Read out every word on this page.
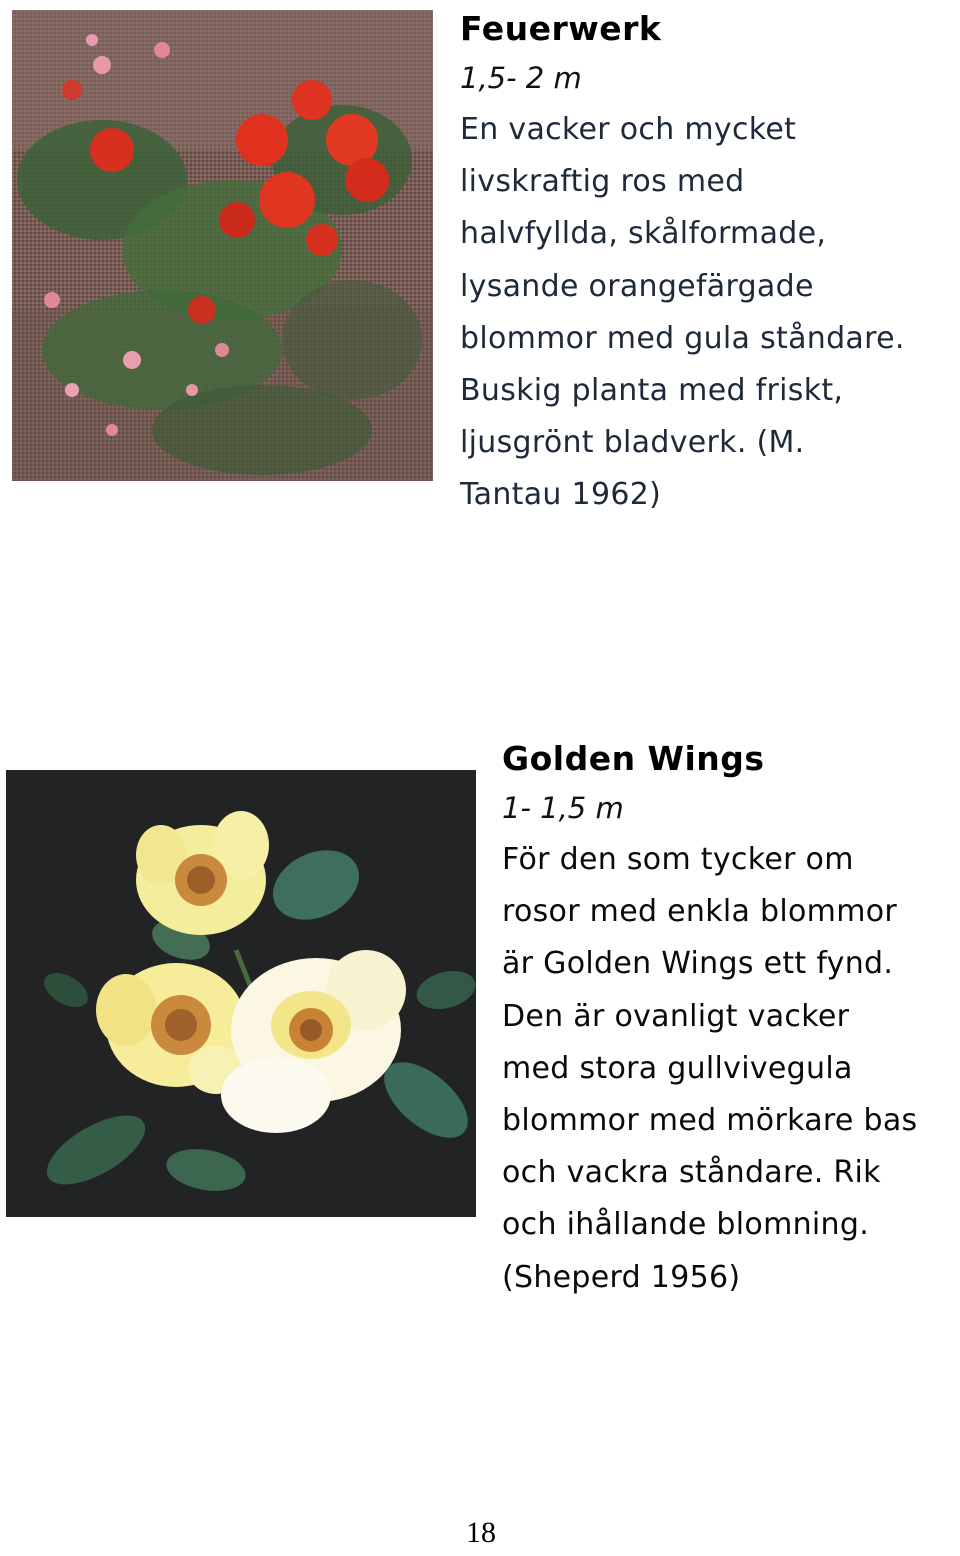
Feuerwerk
1,5- 2 m
En vacker och mycket
livskraftig ros med
halvfyllda, skålformade,
lysande orangefärgade
blommor med gula ståndare.
Buskig planta med friskt,
ljusgrönt bladverk. (M.
Tantau 1962)
Golden Wings
1- 1,5 m
För den som tycker om
rosor med enkla blommor
är Golden Wings ett fynd.
Den är ovanligt vacker
med stora gullvivegula
blommor med mörkare bas
och vackra ståndare. Rik
och ihållande blomning.
(Sheperd 1956)
18
